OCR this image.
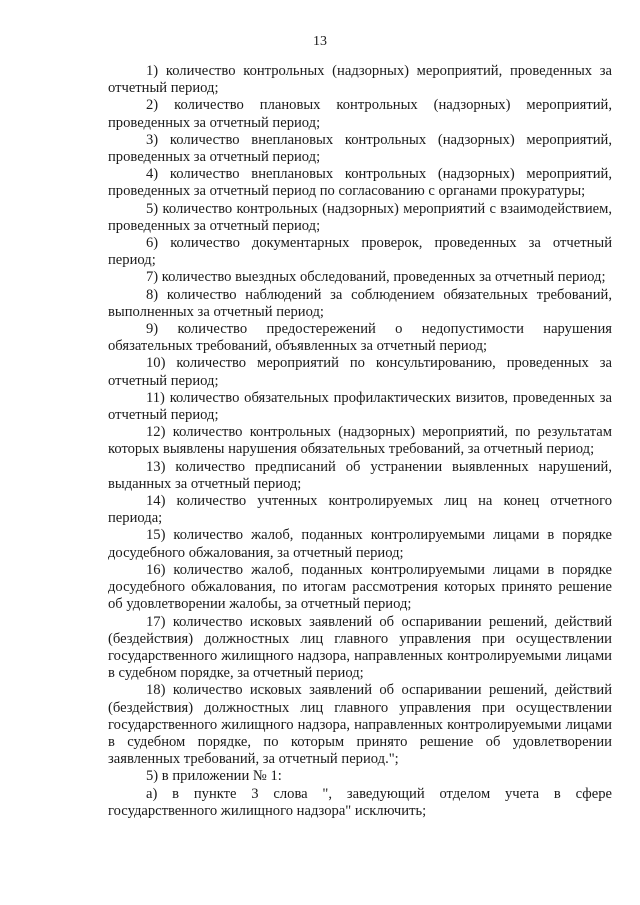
13

1) количество контрольных (надзорных) мероприятий, проведенных за отчетный период;

2) количество плановых контрольных (надзорных) мероприятий, проведенных за отчетный период;

3) количество внеплановых контрольных (надзорных) мероприятий, проведенных за отчетный период;

4) количество внеплановых контрольных (надзорных) мероприятий, проведенных за отчетный период по согласованию с органами прокуратуры;

5) количество контрольных (надзорных) мероприятий с взаимодействием, проведенных за отчетный период;

6) количество документарных проверок, проведенных за отчетный период;

7) количество выездных обследований, проведенных за отчетный период;

8) количество наблюдений за соблюдением обязательных требований, выполненных за отчетный период;

9) количество предостережений о недопустимости нарушения обязательных требований, объявленных за отчетный период;

10) количество мероприятий по консультированию, проведенных за отчетный период;

11) количество обязательных профилактических визитов, проведенных за отчетный период;

12) количество контрольных (надзорных) мероприятий, по результатам которых выявлены нарушения обязательных требований, за отчетный период;

13) количество предписаний об устранении выявленных нарушений, выданных за отчетный период;

14) количество учтенных контролируемых лиц на конец отчетного периода;

15) количество жалоб, поданных контролируемыми лицами в порядке досудебного обжалования, за отчетный период;

16) количество жалоб, поданных контролируемыми лицами в порядке досудебного обжалования, по итогам рассмотрения которых принято решение об удовлетворении жалобы, за отчетный период;

17) количество исковых заявлений об оспаривании решений, действий (бездействия) должностных лиц главного управления при осуществлении государственного жилищного надзора, направленных контролируемыми лицами в судебном порядке, за отчетный период;

18) количество исковых заявлений об оспаривании решений, действий (бездействия) должностных лиц главного управления при осуществлении государственного жилищного надзора, направленных контролируемыми лицами в судебном порядке, по которым принято решение об удовлетворении заявленных требований, за отчетный период.";

5) в приложении № 1:

а) в пункте 3 слова ", заведующий отделом учета в сфере государственного жилищного надзора" исключить;
